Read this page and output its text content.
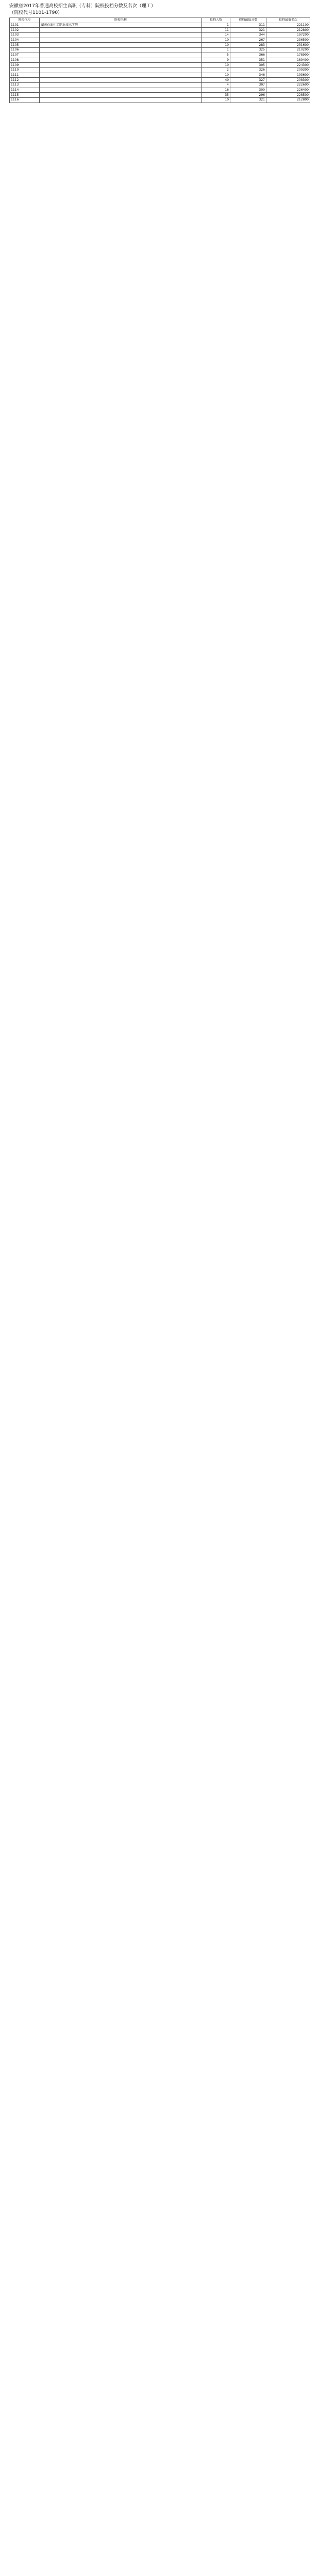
安徽省2017年普通高校招生高职（专科）院校投档分数及名次（理工）
（院校代号1101-1790）
院校代号	院校名称	投档人数	投档最低分数	投档最低名次
1101	湖南石油化工职业技术学院	1	311	221100
1102		11	321	212800
1103		14	344	197200
1104		10	267	236500
1105		10	283	231600
1106		1	325	210200
1107		5	366	178900
1108		9	351	189400
1109		10	305	224300
1110		2	326	209300
1111		10	346	193600
1112		40	327	208300
1113		4	307	222600
1114		16	300	226400
1115		35	296	228500
1116		10	321	212800
